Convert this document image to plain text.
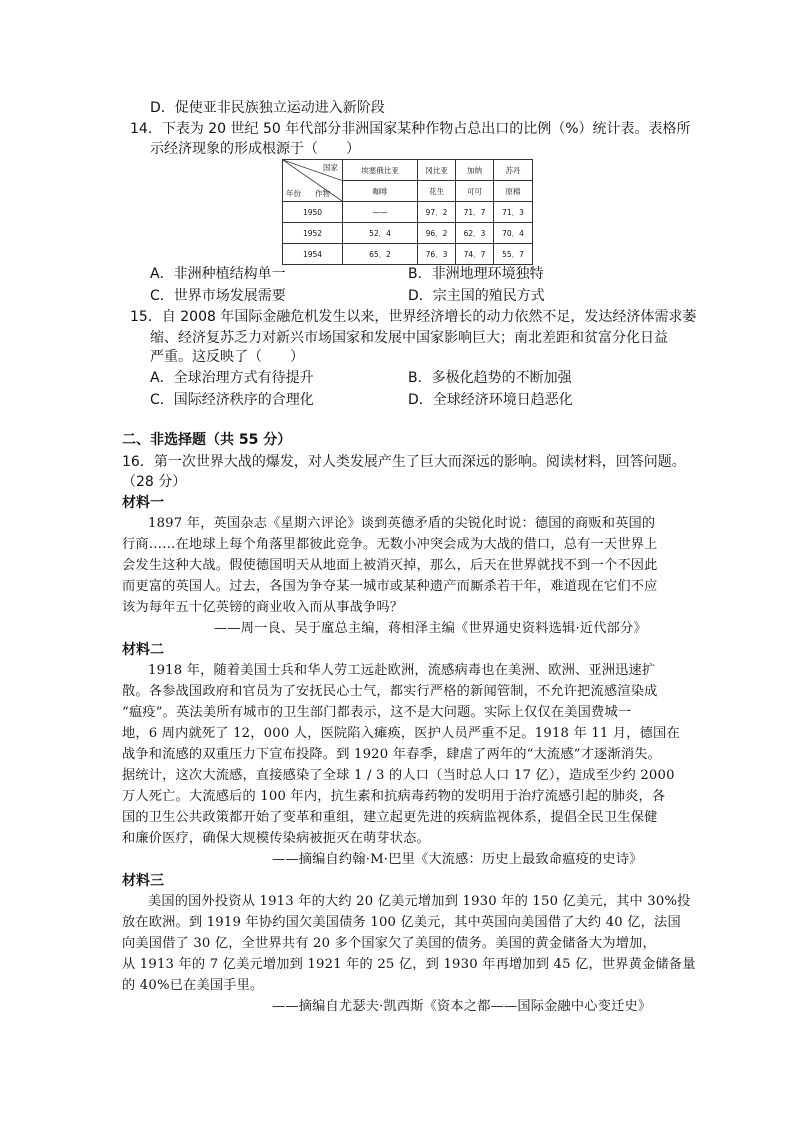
D．促使亚非民族独立运动进入新阶段
14．下表为 20 世纪 50 年代部分非洲国家某种作物占总出口的比例（%）统计表。表格所
示经济现象的形成根源于（　　）
国家
作物
年份	埃塞俄比亚	冈比亚	加纳	苏丹
	咖啡	花生	可可	原棉
1950	——	97．2	71．7	71．3
1952	52．4	96．2	62．3	70．4
1954	65．2	76．3	74．7	55．7
A．非洲种植结构单一	B．非洲地理环境独特
C．世界市场发展需要	D．宗主国的殖民方式
15．自 2008 年国际金融危机发生以来，世界经济增长的动力依然不足，发达经济体需求萎
缩、经济复苏乏力对新兴市场国家和发展中国家影响巨大；南北差距和贫富分化日益
严重。这反映了（　　）
A．全球治理方式有待提升	B．多极化趋势的不断加强
C．国际经济秩序的合理化	D．全球经济环境日趋恶化
二、非选择题（共 55 分）
16．第一次世界大战的爆发，对人类发展产生了巨大而深远的影响。阅读材料，回答问题。
（28 分）
材料一
1897 年，英国杂志《星期六评论》谈到英德矛盾的尖锐化时说：德国的商贩和英国的
行商……在地球上每个角落里都彼此竞争。无数小冲突会成为大战的借口，总有一天世界上
会发生这种大战。假使德国明天从地面上被消灭掉，那么，后天在世界就找不到一个不因此
而更富的英国人。过去，各国为争夺某一城市或某种遗产而厮杀若干年，难道现在它们不应
该为每年五十亿英镑的商业收入而从事战争吗？
——周一良、吴于廑总主编，蒋相泽主编《世界通史资料选辑·近代部分》
材料二
1918 年，随着美国士兵和华人劳工远赴欧洲，流感病毒也在美洲、欧洲、亚洲迅速扩
散。各参战国政府和官员为了安抚民心士气，都实行严格的新闻管制，不允许把流感渲染成
“瘟疫”。英法美所有城市的卫生部门都表示，这不是大问题。实际上仅仅在美国费城一
地，6 周内就死了 12，000 人，医院陷入瘫痪，医护人员严重不足。1918 年 11 月，德国在
战争和流感的双重压力下宣布投降。到 1920 年春季，肆虐了两年的“大流感”才逐渐消失。
据统计，这次大流感，直接感染了全球 1 / 3 的人口（当时总人口 17 亿），造成至少约 2000
万人死亡。大流感后的 100 年内，抗生素和抗病毒药物的发明用于治疗流感引起的肺炎，各
国的卫生公共政策都开始了变革和重组，建立起更先进的疾病监视体系，提倡全民卫生保健
和廉价医疗，确保大规模传染病被扼灭在萌芽状态。
——摘编自约翰·M·巴里《大流感：历史上最致命瘟疫的史诗》
材料三
美国的国外投资从 1913 年的大约 20 亿美元增加到 1930 年的 150 亿美元，其中 30%投
放在欧洲。到 1919 年协约国欠美国债务 100 亿美元，其中英国向美国借了大约 40 亿，法国
向美国借了 30 亿，全世界共有 20 多个国家欠了美国的债务。美国的黄金储备大为增加，
从 1913 年的 7 亿美元增加到 1921 年的 25 亿，到 1930 年再增加到 45 亿，世界黄金储备量
的 40%已在美国手里。
——摘编自尤瑟夫·凯西斯《资本之都——国际金融中心变迁史》
